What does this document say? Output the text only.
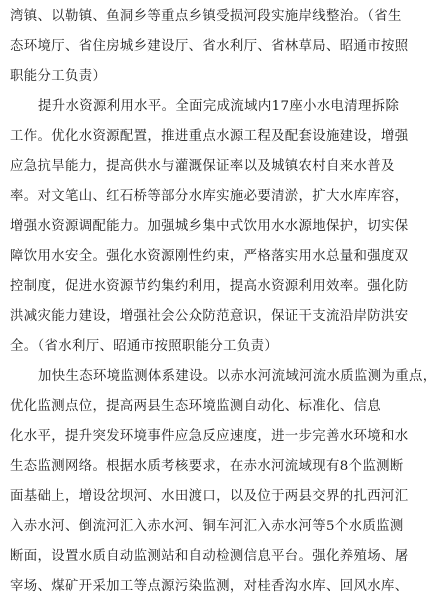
湾镇、以勒镇、鱼洞乡等重点乡镇受损河段实施岸线整治。（省生
态环境厅、省住房城乡建设厅、省水利厅、省林草局、昭通市按照
职能分工负责）

提升水资源利用水平。全面完成流域内17座小水电清理拆除
工作。优化水资源配置，推进重点水源工程及配套设施建设，增强
应急抗旱能力，提高供水与灌溉保证率以及城镇农村自来水普及
率。对文笔山、红石桥等部分水库实施必要清淤，扩大水库库容，
增强水资源调配能力。加强城乡集中式饮用水水源地保护，切实保
障饮用水安全。强化水资源刚性约束，严格落实用水总量和强度双
控制度，促进水资源节约集约利用，提高水资源利用效率。强化防
洪减灾能力建设，增强社会公众防范意识，保证干支流沿岸防洪安
全。（省水利厅、昭通市按照职能分工负责）

加快生态环境监测体系建设。以赤水河流域河流水质监测为重点，
优化监测点位，提高两县生态环境监测自动化、标准化、信息
化水平，提升突发环境事件应急反应速度，进一步完善水环境和水
生态监测网络。根据水质考核要求，在赤水河流域现有8个监测断
面基础上，增设岔坝河、水田渡口，以及位于两县交界的扎西河汇
入赤水河、倒流河汇入赤水河、铜车河汇入赤水河等5个水质监测
断面，设置水质自动监测站和自动检测信息平台。强化养殖场、屠
宰场、煤矿开采加工等点源污染监测，对桂香沟水库、回风水库、
